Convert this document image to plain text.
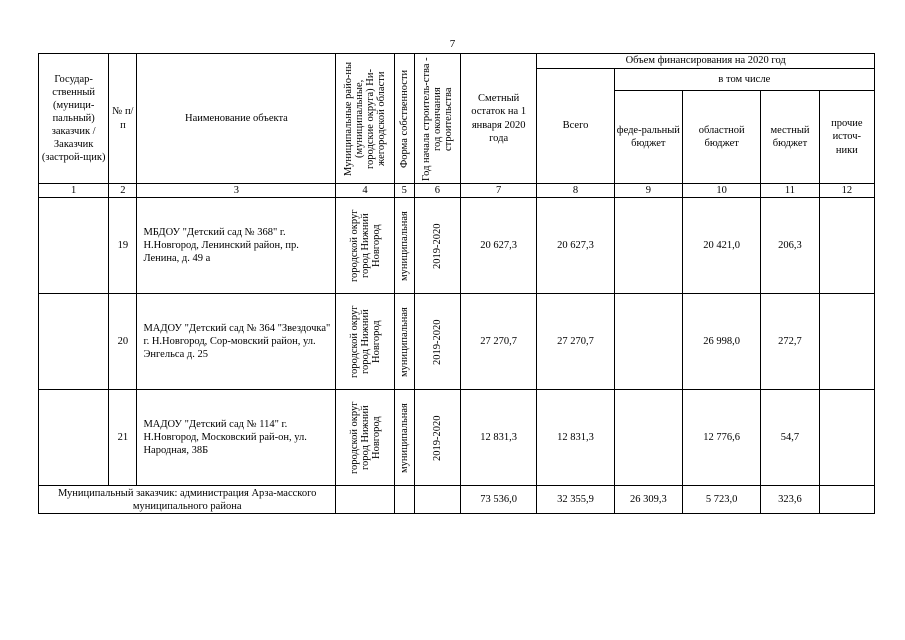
7
Государ-ственный (муници-пальный) заказчик / Заказчик (застрой-щик)	№ п/п	Наименование объекта	Муниципальные райо-ны (муниципальные, городские округа) Ни-жегородской области	Форма собственности	Год начала строитель-ства - год окончания строительства	Сметный остаток на 1 января 2020 года	Объем финансирования на 2020 год				
							Всего	в том числе			
								феде-ральный бюджет	областной бюджет	местный бюджет	прочие источ-ники
1	2	3	4	5	6	7	8	9	10	11	12
	19	МБДОУ "Детский сад № 368" г. Н.Новгород, Ленинский район, пр. Ленина, д. 49 а	городской округ город Нижний Новгород	муниципальная	2019-2020	20 627,3	20 627,3		20 421,0	206,3	
	20	МАДОУ "Детский сад № 364 "Звездочка" г. Н.Новгород, Сор-мовский район, ул. Энгельса д. 25	городской округ город Нижний Новгород	муниципальная	2019-2020	27 270,7	27 270,7		26 998,0	272,7	
	21	МАДОУ "Детский сад № 114" г. Н.Новгород, Московский рай-он, ул. Народная, 38Б	городской округ город Нижний Новгород	муниципальная	2019-2020	12 831,3	12 831,3		12 776,6	54,7	
Муниципальный заказчик: администрация Арза-масского муниципального района						73 536,0	32 355,9	26 309,3	5 723,0	323,6	
